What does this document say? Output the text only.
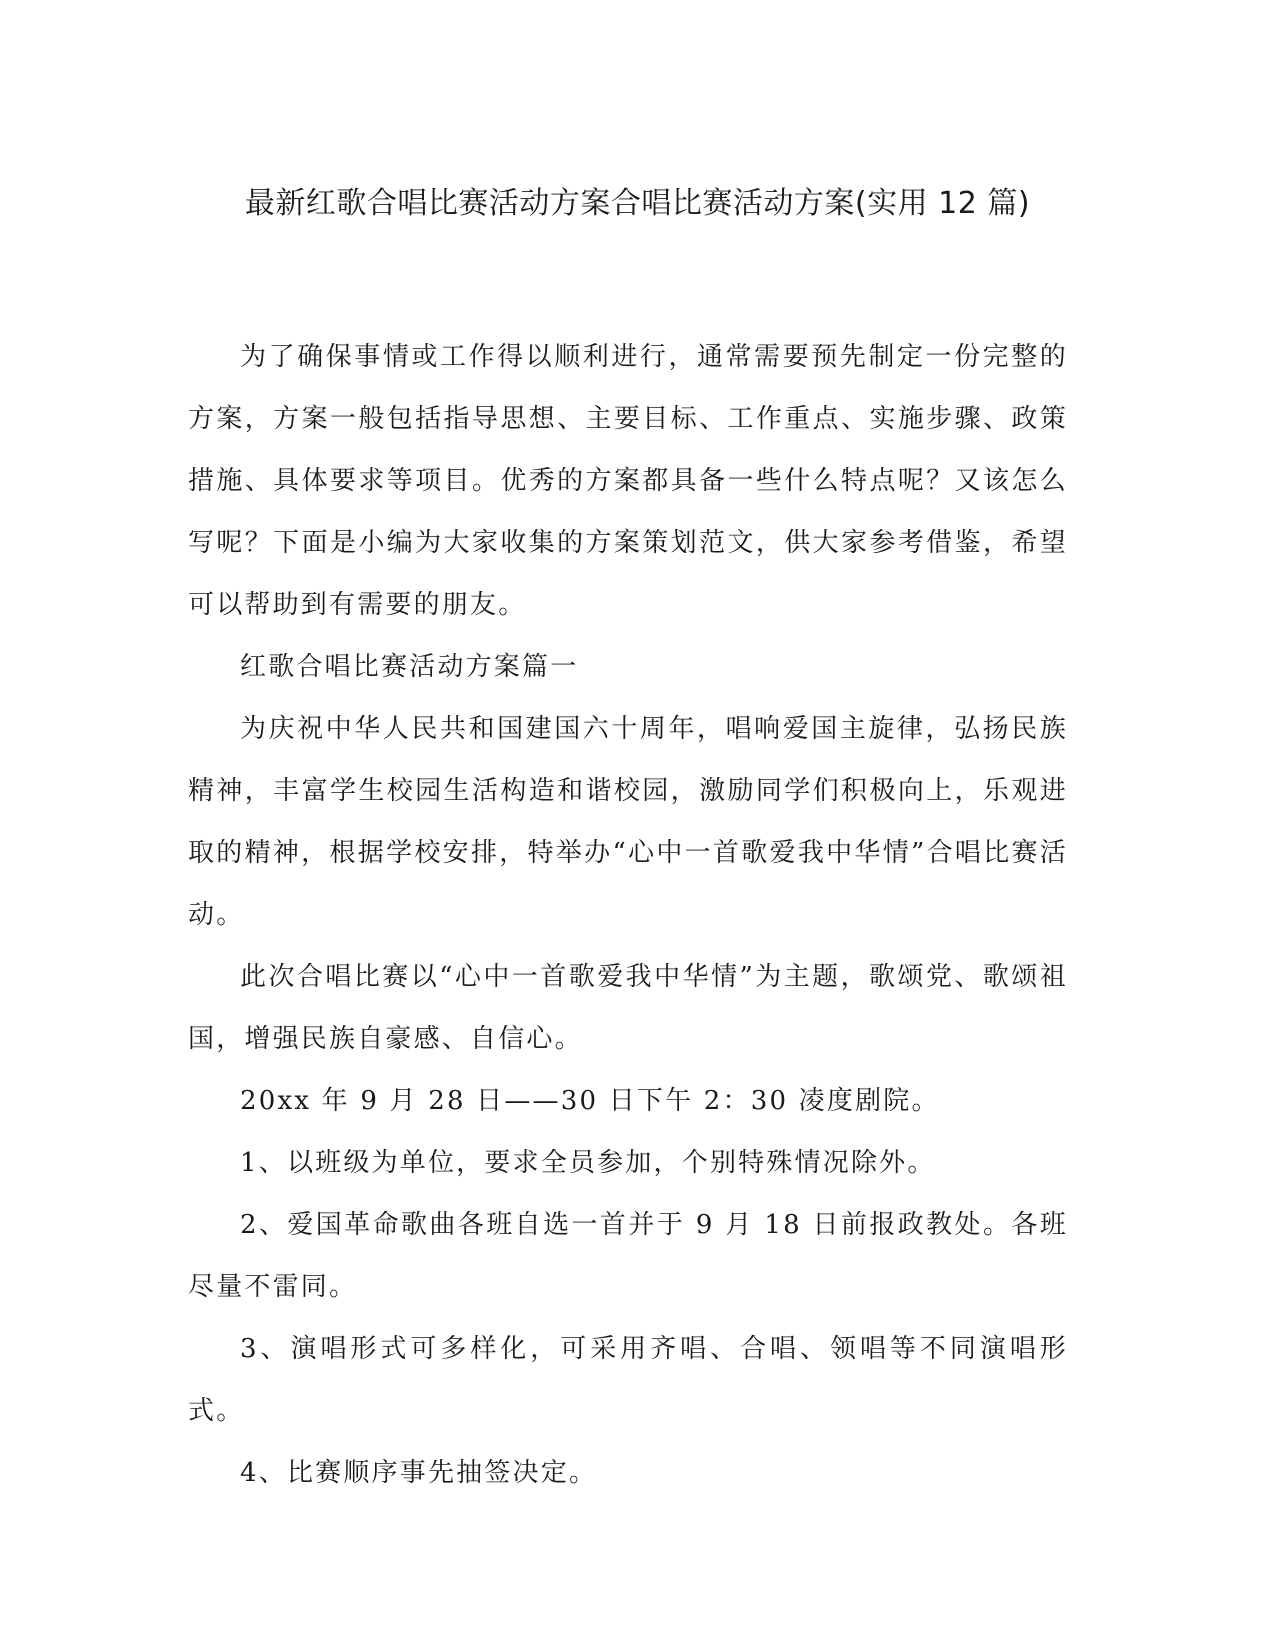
最新红歌合唱比赛活动方案合唱比赛活动方案(实用 12 篇)

为了确保事情或工作得以顺利进行，通常需要预先制定一份完整的方案，方案一般包括指导思想、主要目标、工作重点、实施步骤、政策措施、具体要求等项目。优秀的方案都具备一些什么特点呢？又该怎么写呢？下面是小编为大家收集的方案策划范文，供大家参考借鉴，希望可以帮助到有需要的朋友。

红歌合唱比赛活动方案篇一

为庆祝中华人民共和国建国六十周年，唱响爱国主旋律，弘扬民族精神，丰富学生校园生活构造和谐校园，激励同学们积极向上，乐观进取的精神，根据学校安排，特举办“心中一首歌爱我中华情”合唱比赛活动。

此次合唱比赛以“心中一首歌爱我中华情”为主题，歌颂党、歌颂祖国，增强民族自豪感、自信心。

20xx 年 9 月 28 日——30 日下午 2：30 凌度剧院。

1、以班级为单位，要求全员参加，个别特殊情况除外。

2、爱国革命歌曲各班自选一首并于 9 月 18 日前报政教处。各班尽量不雷同。

3、演唱形式可多样化，可采用齐唱、合唱、领唱等不同演唱形式。

4、比赛顺序事先抽签决定。
